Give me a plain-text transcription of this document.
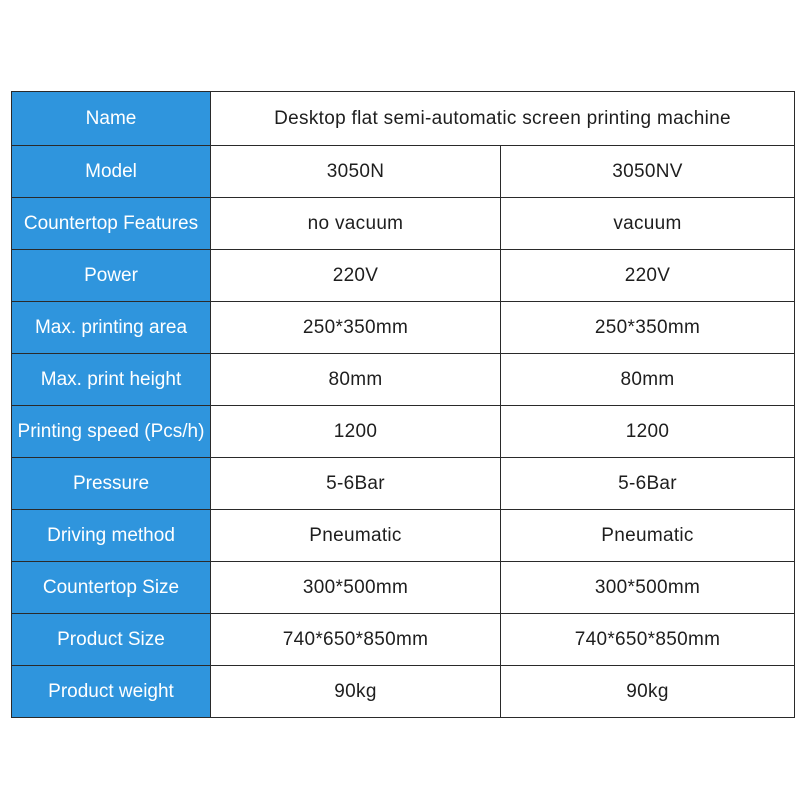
Name	Desktop flat semi-automatic screen printing machine	
Model	3050N	3050NV
Countertop Features	no vacuum	vacuum
Power	220V	220V
Max. printing area	250*350mm	250*350mm
Max. print height	80mm	80mm
Printing speed (Pcs/h)	1200	1200
Pressure	5-6Bar	5-6Bar
Driving method	Pneumatic	Pneumatic
Countertop Size	300*500mm	300*500mm
Product Size	740*650*850mm	740*650*850mm
Product weight	90kg	90kg
